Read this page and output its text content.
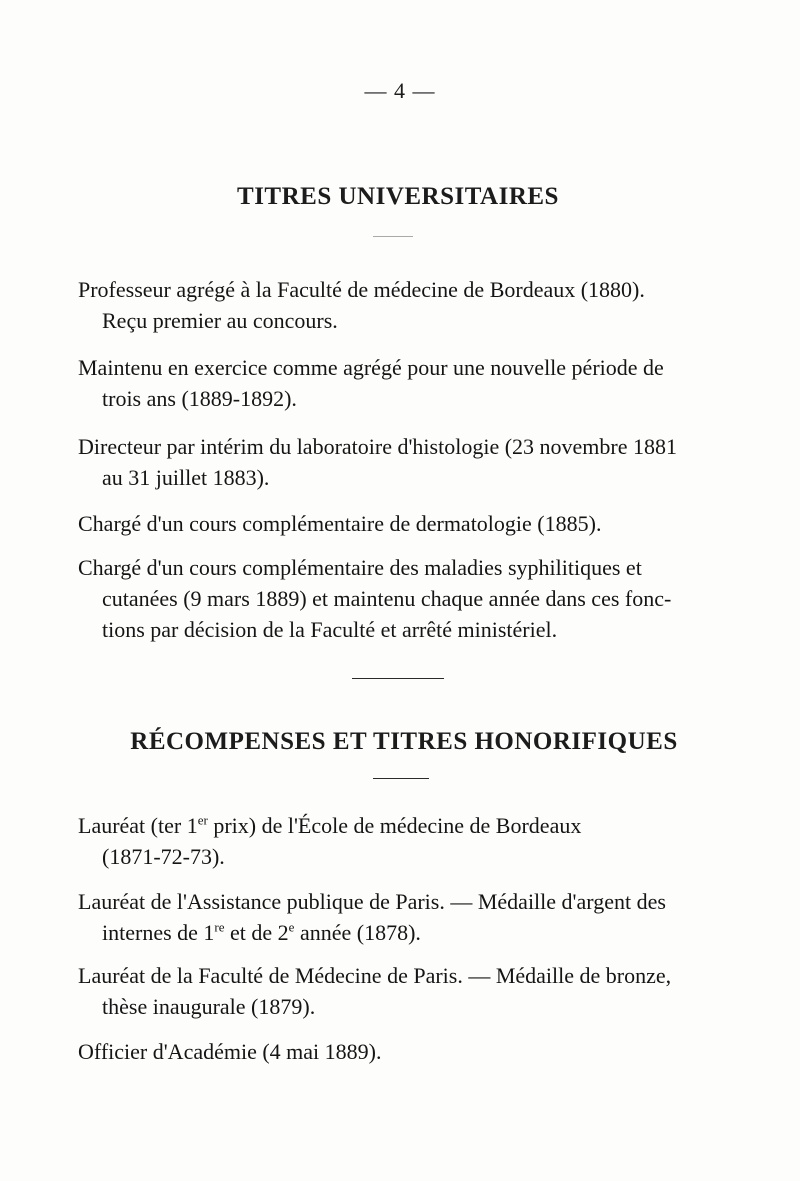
— 4 —
TITRES UNIVERSITAIRES
Professeur agrégé à la Faculté de médecine de Bordeaux (1880).
Reçu premier au concours.
Maintenu en exercice comme agrégé pour une nouvelle période de
trois ans (1889-1892).
Directeur par intérim du laboratoire d'histologie (23 novembre 1881
au 31 juillet 1883).
Chargé d'un cours complémentaire de dermatologie (1885).
Chargé d'un cours complémentaire des maladies syphilitiques et
cutanées (9 mars 1889) et maintenu chaque année dans ces fonc-
tions par décision de la Faculté et arrêté ministériel.
RÉCOMPENSES ET TITRES HONORIFIQUES
Lauréat (ter 1er prix) de l'École de médecine de Bordeaux
(1871-72-73).
Lauréat de l'Assistance publique de Paris. — Médaille d'argent des
internes de 1re et de 2e année (1878).
Lauréat de la Faculté de Médecine de Paris. — Médaille de bronze,
thèse inaugurale (1879).
Officier d'Académie (4 mai 1889).
